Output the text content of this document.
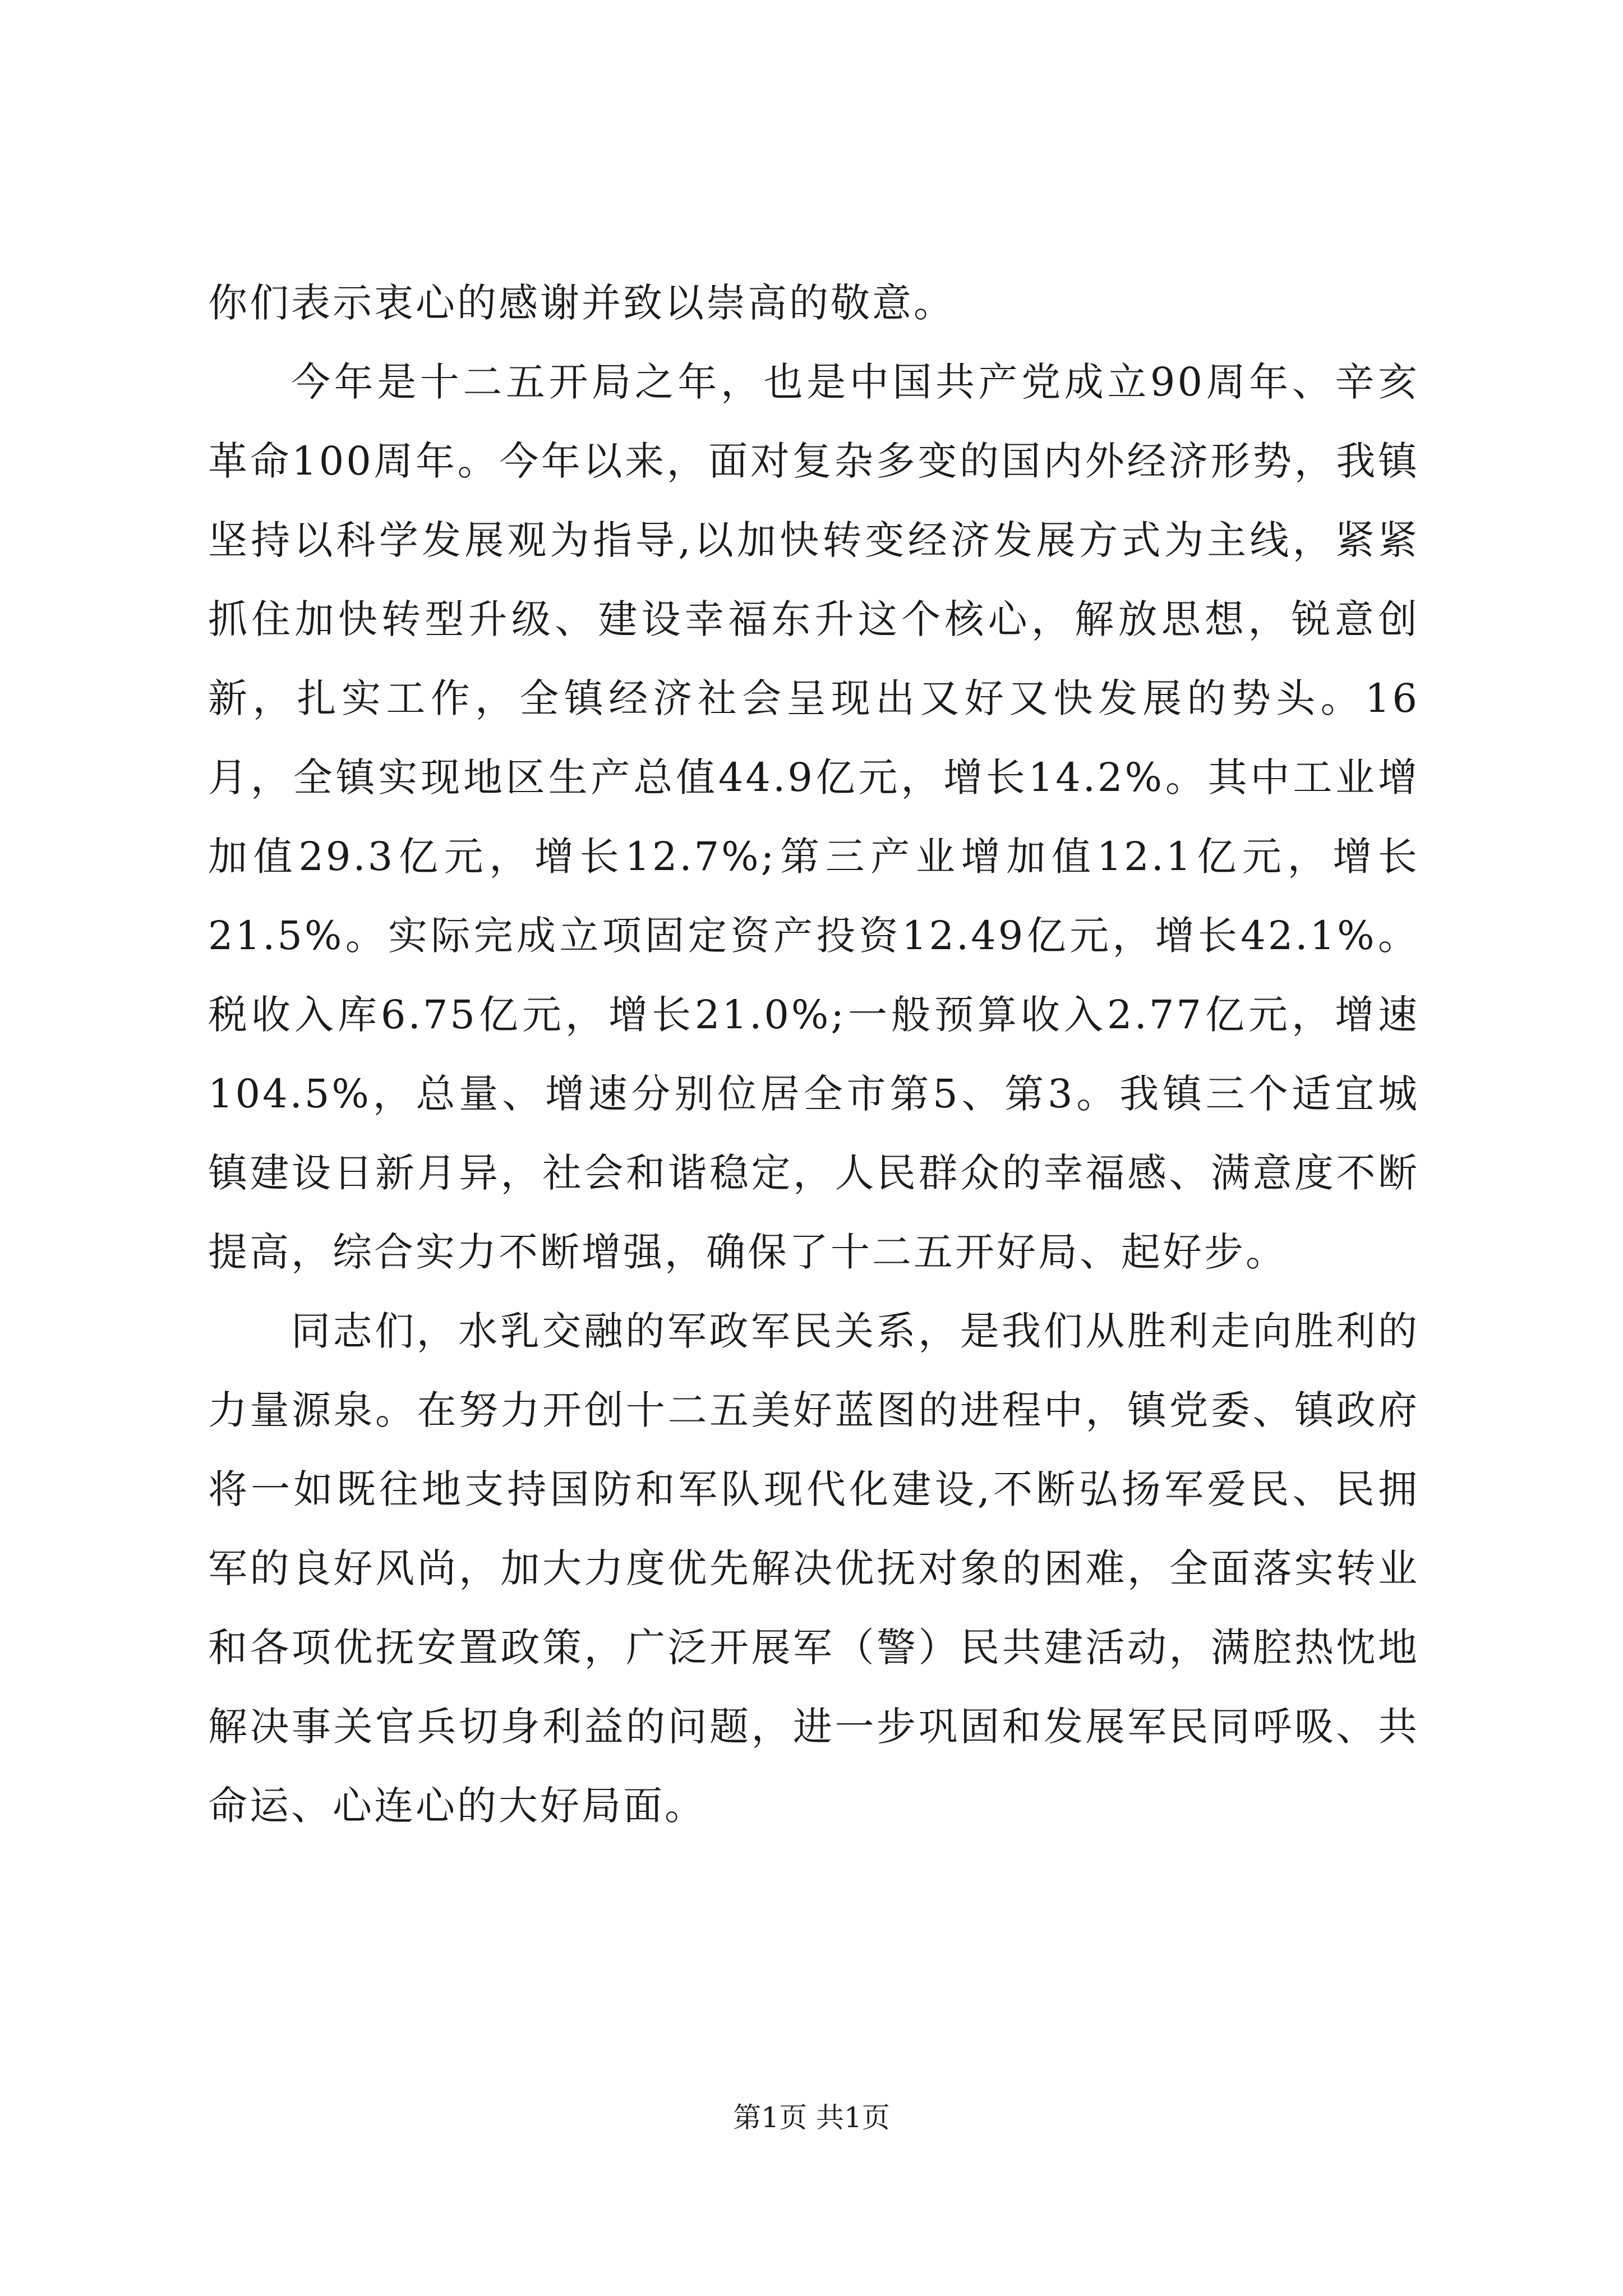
你们表示衷心的感谢并致以崇高的敬意。

今年是十二五开局之年，也是中国共产党成立90周年、辛亥革命100周年。今年以来，面对复杂多变的国内外经济形势，我镇坚持以科学发展观为指导,以加快转变经济发展方式为主线，紧紧抓住加快转型升级、建设幸福东升这个核心，解放思想，锐意创新，扎实工作，全镇经济社会呈现出又好又快发展的势头。16月，全镇实现地区生产总值44.9亿元，增长14.2%。其中工业增加值29.3亿元，增长12.7%;第三产业增加值12.1亿元，增长21.5%。实际完成立项固定资产投资12.49亿元，增长42.1%。税收入库6.75亿元，增长21.0%;一般预算收入2.77亿元，增速104.5%，总量、增速分别位居全市第5、第3。我镇三个适宜城镇建设日新月异，社会和谐稳定，人民群众的幸福感、满意度不断提高，综合实力不断增强，确保了十二五开好局、起好步。

同志们，水乳交融的军政军民关系，是我们从胜利走向胜利的力量源泉。在努力开创十二五美好蓝图的进程中，镇党委、镇政府将一如既往地支持国防和军队现代化建设,不断弘扬军爱民、民拥军的良好风尚，加大力度优先解决优抚对象的困难，全面落实转业和各项优抚安置政策，广泛开展军（警）民共建活动，满腔热忱地解决事关官兵切身利益的问题，进一步巩固和发展军民同呼吸、共命运、心连心的大好局面。

第1页 共1页
